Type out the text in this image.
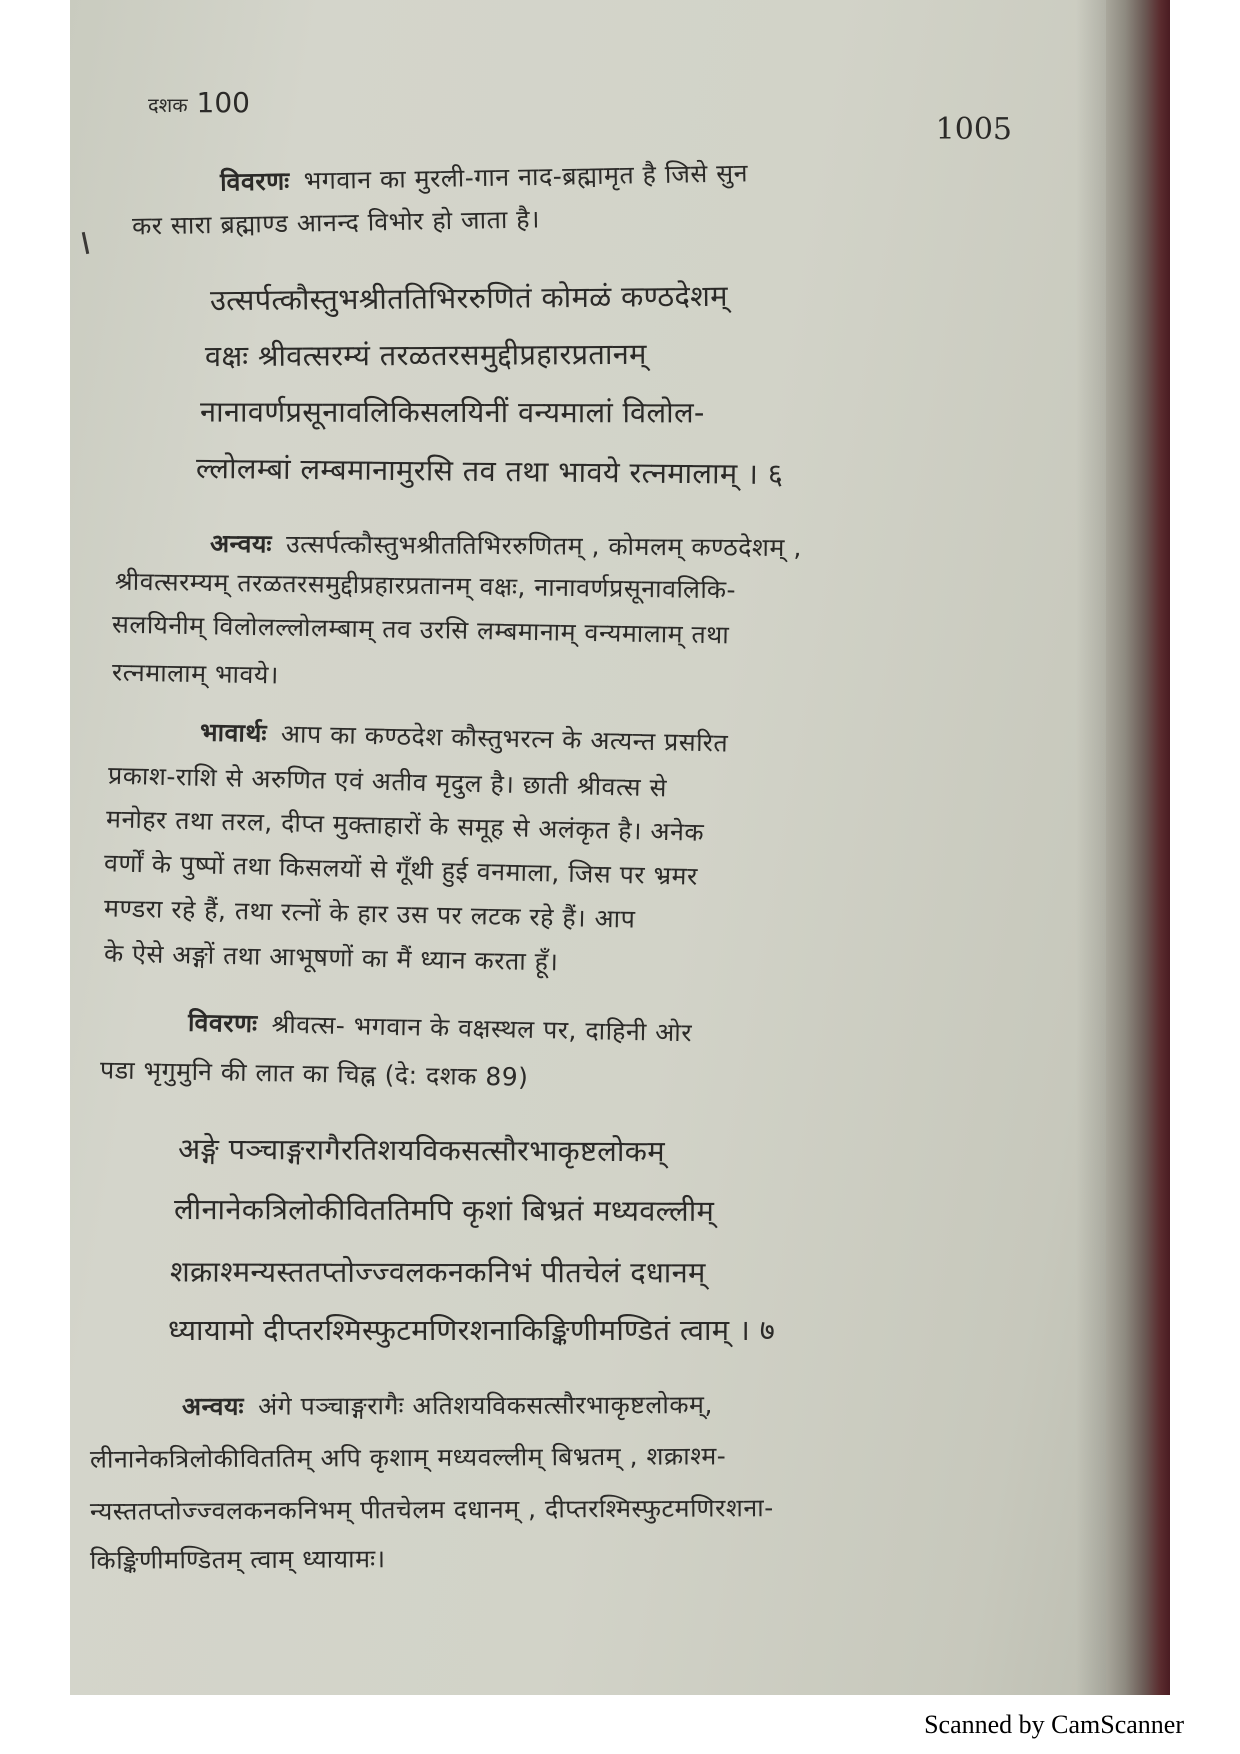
दशक 100
1005
विवरणः भगवान का मुरली-गान नाद-ब्रह्मामृत है जिसे सुन
कर सारा ब्रह्माण्ड आनन्द विभोर हो जाता है।
उत्सर्पत्कौस्तुभश्रीततिभिररुणितं कोमळं कण्ठदेशम्
वक्षः श्रीवत्सरम्यं तरळतरसमुद्दीप्रहारप्रतानम्
नानावर्णप्रसूनावलिकिसलयिनीं वन्यमालां विलोल-
ल्लोलम्बां लम्बमानामुरसि तव तथा भावये रत्नमालाम् । ६
अन्वयः उत्सर्पत्कौस्तुभश्रीततिभिररुणितम् , कोमलम् कण्ठदेशम् ,
श्रीवत्सरम्यम् तरळतरसमुद्दीप्रहारप्रतानम् वक्षः, नानावर्णप्रसूनावलिकि-
सलयिनीम् विलोलल्लोलम्बाम् तव उरसि लम्बमानाम् वन्यमालाम् तथा
रत्नमालाम् भावये।
भावार्थः आप का कण्ठदेश कौस्तुभरत्न के अत्यन्त प्रसरित
प्रकाश-राशि से अरुणित एवं अतीव मृदुल है। छाती श्रीवत्स से
मनोहर तथा तरल, दीप्त मुक्ताहारों के समूह से अलंकृत है। अनेक
वर्णों के पुष्पों तथा किसलयों से गूँथी हुई वनमाला, जिस पर भ्रमर
मण्डरा रहे हैं, तथा रत्नों के हार उस पर लटक रहे हैं। आप
के ऐसे अङ्गों तथा आभूषणों का मैं ध्यान करता हूँ।
विवरणः श्रीवत्स- भगवान के वक्षस्थल पर, दाहिनी ओर
पडा भृगुमुनि की लात का चिह्न (दे: दशक 89)
अङ्गे पञ्चाङ्गरागैरतिशयविकसत्सौरभाकृष्टलोकम्
लीनानेकत्रिलोकीविततिमपि कृशां बिभ्रतं मध्यवल्लीम्
शक्राश्मन्यस्ततप्तोज्ज्वलकनकनिभं पीतचेलं दधानम्
ध्यायामो दीप्तरश्मिस्फुटमणिरशनाकिङ्किणीमण्डितं त्वाम् । ७
अन्वयः अंगे पञ्चाङ्गरागैः अतिशयविकसत्सौरभाकृष्टलोकम्,
लीनानेकत्रिलोकीविततिम् अपि कृशाम् मध्यवल्लीम् बिभ्रतम् , शक्राश्म-
न्यस्ततप्तोज्ज्वलकनकनिभम् पीतचेलम दधानम् , दीप्तरश्मिस्फुटमणिरशना-
किङ्किणीमण्डितम् त्वाम् ध्यायामः।
Scanned by CamScanner
